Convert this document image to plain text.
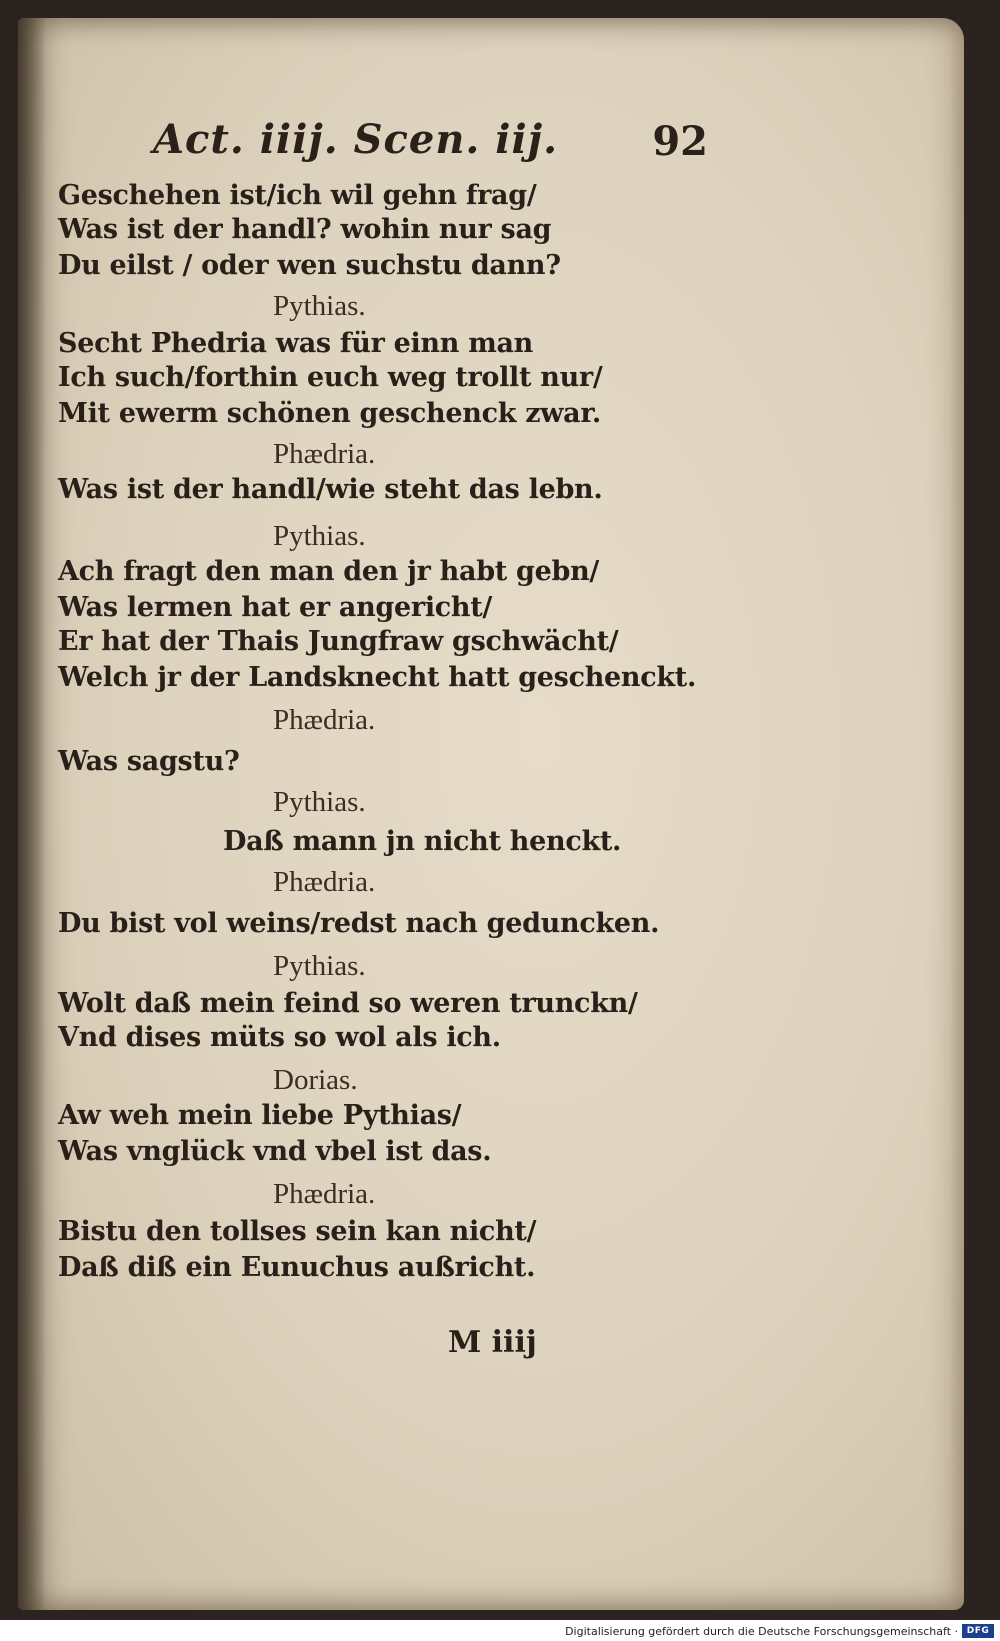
Act. iiij. Scen. iij. 92
Geschehen ist/ich wil gehn frag/
Was ist der handl? wohin nur sag
Du eilst / oder wen suchstu dann?
Pythias.
Secht Phedria was für einn man
Ich such/forthin euch weg trollt nur/
Mit ewerm schönen geschenck zwar.
Phædria.
Was ist der handl/wie steht das lebn.
Pythias.
Ach fragt den man den jr habt gebn/
Was lermen hat er angericht/
Er hat der Thais Jungfraw gschwächt/
Welch jr der Landsknecht hatt geschenckt.
Phædria.
Was sagstu?
Pythias.
Daß mann jn nicht henckt.
Phædria.
Du bist vol weins/redst nach geduncken.
Pythias.
Wolt daß mein feind so weren trunckn/
Vnd dises müts so wol als ich.
Dorias.
Aw weh mein liebe Pythias/
Was vnglück vnd vbel ist das.
Phædria.
Bistu den tollses sein kan nicht/
Daß diß ein Eunuchus außricht.
M iiij
Digitalisierung gefördert durch die Deutsche Forschungsgemeinschaft · DFG
